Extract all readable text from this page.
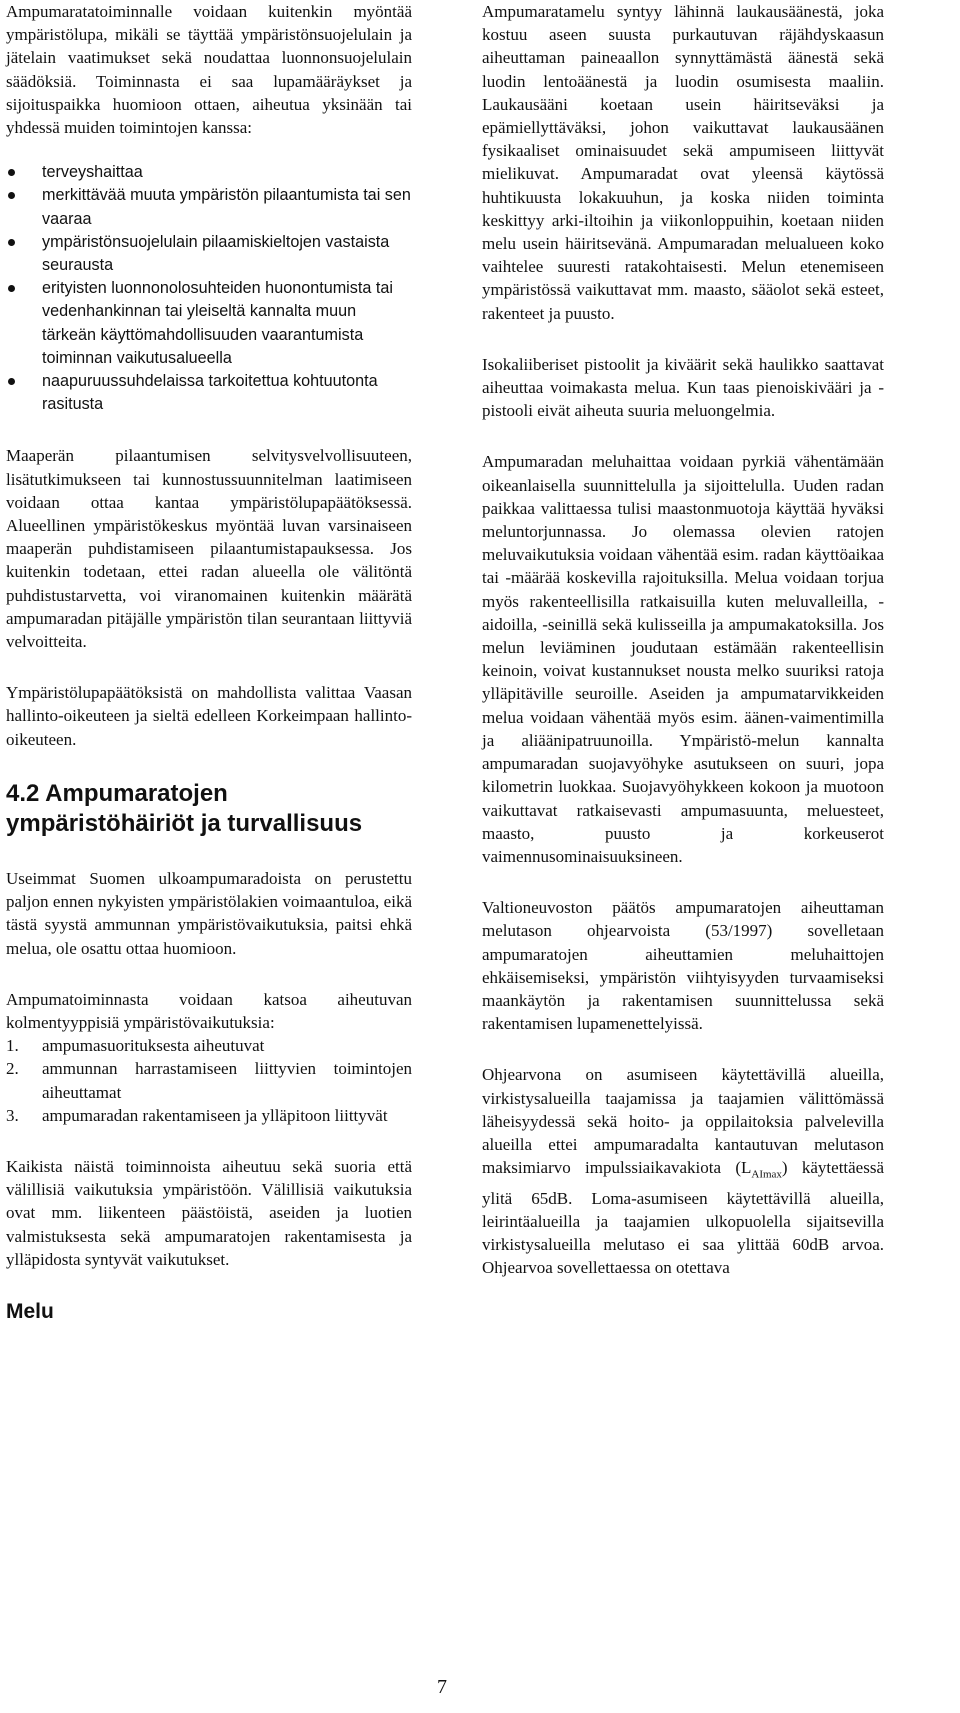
Ampumaratatoiminnalle voidaan kuitenkin myöntää ympäristölupa, mikäli se täyttää ympäristönsuojelulain ja jätelain vaatimukset sekä noudattaa luonnonsuojelulain säädöksiä. Toiminnasta ei saa lupamääräykset ja sijoituspaikka huomioon ottaen, aiheutua yksinään tai yhdessä muiden toimintojen kanssa:

terveyshaittaa
merkittävää muuta ympäristön pilaantumista tai sen vaaraa
ympäristönsuojelulain pilaamiskieltojen vastaista seurausta
erityisten luonnonolosuhteiden huonontumista tai vedenhankinnan tai yleiseltä kannalta muun tärkeän käyttömahdollisuuden vaarantumista toiminnan vaikutusalueella
naapuruussuhdelaissa tarkoitettua kohtuutonta rasitusta

Maaperän pilaantumisen selvitysvelvollisuuteen, lisätutkimukseen tai kunnostussuunnitelman laatimiseen voidaan ottaa kantaa ympäristölupapäätöksessä. Alueellinen ympäristökeskus myöntää luvan varsinaiseen maaperän puhdistamiseen pilaantumistapauksessa. Jos kuitenkin todetaan, ettei radan alueella ole välitöntä puhdistustarvetta, voi viranomainen kuitenkin määrätä ampumaradan pitäjälle ympäristön tilan seurantaan liittyviä velvoitteita.

Ympäristölupapäätöksistä on mahdollista valittaa Vaasan hallinto-oikeuteen ja sieltä edelleen Korkeimpaan hallinto-oikeuteen.

4.2 Ampumaratojen ympäristöhäiriöt ja turvallisuus

Useimmat Suomen ulkoampumaradoista on perustettu paljon ennen nykyisten ympäristölakien voimaantuloa, eikä tästä syystä ammunnan ympäristövaikutuksia, paitsi ehkä melua, ole osattu ottaa huomioon.

Ampumatoiminnasta voidaan katsoa aiheutuvan kolmentyyppisiä ympäristövaikutuksia:

1. ampumasuorituksesta aiheutuvat
2. ammunnan harrastamiseen liittyvien toimintojen aiheuttamat
3. ampumaradan rakentamiseen ja ylläpitoon liittyvät

Kaikista näistä toiminnoista aiheutuu sekä suoria että välillisiä vaikutuksia ympäristöön. Välillisiä vaikutuksia ovat mm. liikenteen päästöistä, aseiden ja luotien valmistuksesta sekä ampumaratojen rakentamisesta ja ylläpidosta syntyvät vaikutukset.

Melu

Ampumaratamelu syntyy lähinnä laukausäänestä, joka kostuu aseen suusta purkautuvan räjähdyskaasun aiheuttaman paineaallon synnyttämästä äänestä sekä luodin lentoäänestä ja luodin osumisesta maaliin. Laukausääni koetaan usein häiritseväksi ja epämiellyttäväksi, johon vaikuttavat laukausäänen fysikaaliset ominaisuudet sekä ampumiseen liittyvät mielikuvat. Ampumaradat ovat yleensä käytössä huhtikuusta lokakuuhun, ja koska niiden toiminta keskittyy arki-iltoihin ja viikonloppuihin, koetaan niiden melu usein häiritsevänä. Ampumaradan melualueen koko vaihtelee suuresti ratakohtaisesti. Melun etenemiseen ympäristössä vaikuttavat mm. maasto, sääolot sekä esteet, rakenteet ja puusto.

Isokaliiberiset pistoolit ja kiväärit sekä haulikko saattavat aiheuttaa voimakasta melua. Kun taas pienoiskivääri ja -pistooli eivät aiheuta suuria meluongelmia.

Ampumaradan meluhaittaa voidaan pyrkiä vähentämään oikeanlaisella suunnittelulla ja sijoittelulla. Uuden radan paikkaa valittaessa tulisi maastonmuotoja käyttää hyväksi meluntorjunnassa. Jo olemassa olevien ratojen meluvaikutuksia voidaan vähentää esim. radan käyttöaikaa tai -määrää koskevilla rajoituksilla. Melua voidaan torjua myös rakenteellisilla ratkaisuilla kuten meluvalleilla, -aidoilla, -seinillä sekä kulisseilla ja ampumakatoksilla. Jos melun leviäminen joudutaan estämään rakenteellisin keinoin, voivat kustannukset nousta melko suuriksi ratoja ylläpitäville seuroille. Aseiden ja ampumatarvikkeiden melua voidaan vähentää myös esim. äänen-vaimentimilla ja aliäänipatruunoilla. Ympäristö-melun kannalta ampumaradan suojavyöhyke asutukseen on suuri, jopa kilometrin luokkaa. Suojavyöhykkeen kokoon ja muotoon vaikuttavat ratkaisevasti ampumasuunta, meluesteet, maasto, puusto ja korkeuserot vaimennusominaisuuksineen.

Valtioneuvoston päätös ampumaratojen aiheuttaman melutason ohjearvoista (53/1997) sovelletaan ampumaratojen aiheuttamien meluhaittojen ehkäisemiseksi, ympäristön viihtyisyyden turvaamiseksi maankäytön ja rakentamisen suunnittelussa sekä rakentamisen lupamenettelyissä.

Ohjearvona on asumiseen käytettävillä alueilla, virkistysalueilla taajamissa ja taajamien välittömässä läheisyydessä sekä hoito- ja oppilaitoksia palvelevilla alueilla ettei ampumaradalta kantautuvan melutason maksimiarvo impulssiaikavakiota $(L_{AImax})$ käytettäessä ylitä 65dB. Loma-asumiseen käytettävillä alueilla, leirintäalueilla ja taajamien ulkopuolella sijaitsevilla virkistysalueilla melutaso ei saa ylittää 60dB arvoa. Ohjearvoa sovellettaessa on otettava

7
